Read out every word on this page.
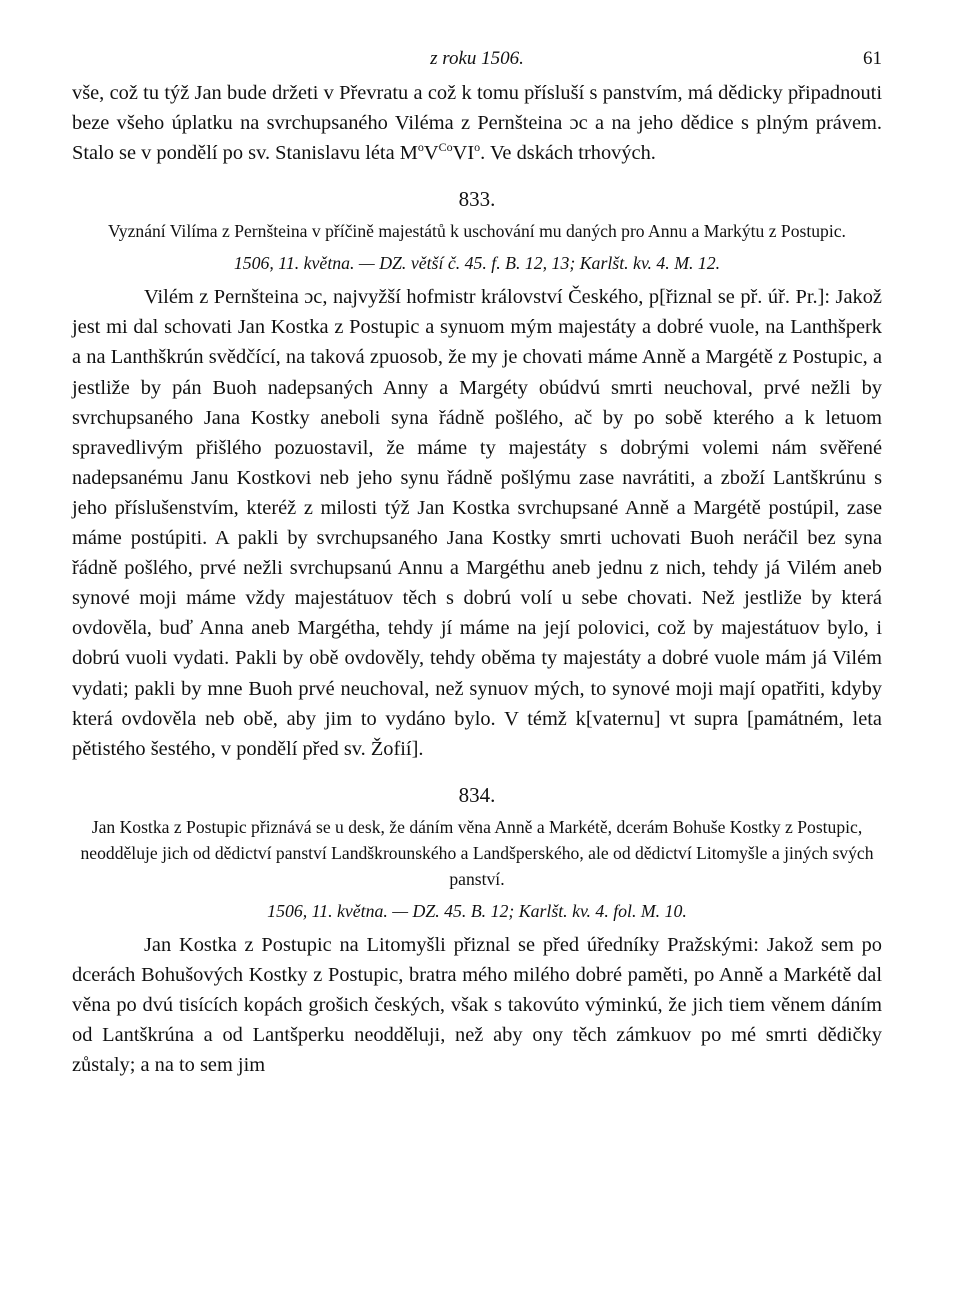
z roku 1506.	61

vše, což tu týž Jan bude držeti v Převratu a což k tomu přísluší s panstvím, má dědicky připadnouti beze všeho úplatku na svrchupsaného Viléma z Pernšteina ɔc a na jeho dědice s plným právem. Stalo se v pondělí po sv. Stanislavu léta $M^oV^{Co}VI^o$. Ve dskách trhových.

833.

Vyznání Vilíma z Pernšteina v příčině majestátů k uschování mu daných pro Annu a Markýtu z Postupic.

1506, 11. května. — DZ. větší č. 45. f. B. 12, 13; Karlšt. kv. 4. M. 12.

Vilém z Pernšteina ɔc, najvyžší hofmistr království Českého, p[řiznal se př. úř. Pr.]: Jakož jest mi dal schovati Jan Kostka z Postupic a synuom mým majestáty a dobré vuole, na Lanthšperk a na Lanthškrún svědčící, na taková zpuosob, že my je chovati máme Anně a Margétě z Postupic, a jestliže by pán Buoh nadepsaných Anny a Margéty obúdvú smrti neuchoval, prvé nežli by svrchupsaného Jana Kostky aneboli syna řádně pošlého, ač by po sobě kterého a k letuom spravedlivým přišlého pozuostavil, že máme ty majestáty s dobrými volemi nám svěřené nadepsanému Janu Kostkovi neb jeho synu řádně pošlýmu zase navrátiti, a zboží Lantškrúnu s jeho příslušenstvím, kteréž z milosti týž Jan Kostka svrchupsané Anně a Margétě postúpil, zase máme postúpiti. A pakli by svrchupsaného Jana Kostky smrti uchovati Buoh neráčil bez syna řádně pošlého, prvé nežli svrchupsanú Annu a Margéthu aneb jednu z nich, tehdy já Vilém aneb synové moji máme vždy majestátuov těch s dobrú volí u sebe chovati. Než jestliže by která ovdověla, buď Anna aneb Margétha, tehdy jí máme na její polovici, což by majestátuov bylo, i dobrú vuoli vydati. Pakli by obě ovdověly, tehdy oběma ty majestáty a dobré vuole mám já Vilém vydati; pakli by mne Buoh prvé neuchoval, než synuov mých, to synové moji mají opatřiti, kdyby která ovdověla neb obě, aby jim to vydáno bylo. V témž k[vaternu] vt supra [památném, leta pětistého šestého, v pondělí před sv. Žofií].

834.

Jan Kostka z Postupic přiznává se u desk, že dáním věna Anně a Markétě, dcerám Bohuše Kostky z Postupic, neodděluje jich od dědictví panství Landškrounského a Landšperského, ale od dědictví Litomyšle a jiných svých panství.

1506, 11. května. — DZ. 45. B. 12; Karlšt. kv. 4. fol. M. 10.

Jan Kostka z Postupic na Litomyšli přiznal se před úředníky Pražskými: Jakož sem po dcerách Bohušových Kostky z Postupic, bratra mého milého dobré paměti, po Anně a Markétě dal věna po dvú tisících kopách grošich českých, však s takovúto výminkú, že jich tiem věnem dáním od Lantškrúna a od Lantšperku neodděluji, než aby ony těch zámkuov po mé smrti dědičky zůstaly; a na to sem jim
